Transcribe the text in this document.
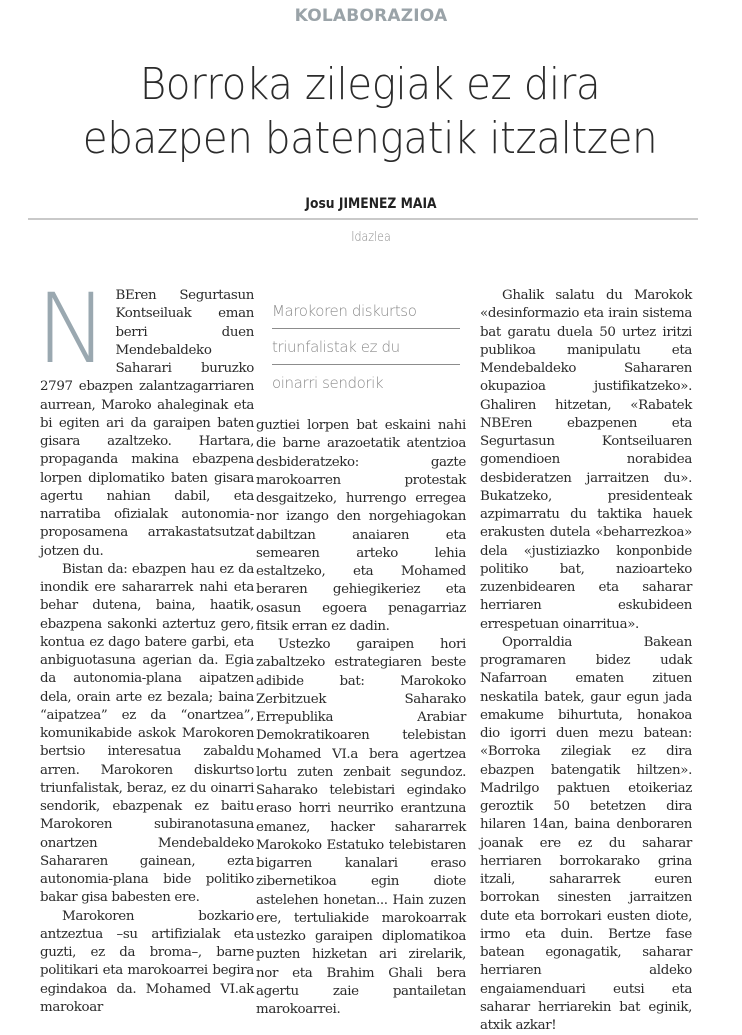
KOLABORAZIOA
Borroka zilegiak ez dira
ebazpen batengatik itzaltzen
Josu JIMENEZ MAIA
Idazlea
N BEren Segurtasun Kontseiluak eman berri duen Mendebaldeko Saharari buruzko 2797 ebazpen zalantzagarriaren aurrean, Maroko ahaleginak eta bi egiten ari da garaipen baten gisara azaltzeko. Hartara, propaganda makina ebazpena lorpen diplomatiko baten gisara agertu nahian dabil, eta narratiba ofizialak autonomia-proposamena arrakastatsutzat jotzen du.

Bistan da: ebazpen hau ez da inondik ere sahararrek nahi eta behar dutena, baina, haatik, ebazpena sakonki aztertuz gero, kontua ez dago batere garbi, eta anbiguotasuna agerian da. Egia da autonomia-plana aipatzen dela, orain arte ez bezala; baina “aipatzea” ez da “onartzea”, komunikabide askok Marokoren bertsio interesatua zabaldu arren. Marokoren diskurtso triunfalistak, beraz, ez du oinarri sendorik, ebazpenak ez baitu Marokoren subiranotasuna onartzen Mendebaldeko Sahararen gainean, ezta autonomia-plana bide politiko bakar gisa babesten ere.

Marokoren bozkario antzeztua –su artifizialak eta guzti, ez da broma–, barne politikari eta marokoarrei begira egindakoa da. Mohamed VI.ak marokoar

Marokoren diskurtso
triunfalistak ez du
oinarri sendorik

guztiei lorpen bat eskaini nahi die barne arazoetatik atentzioa desbideratzeko: gazte marokoarren protestak desgaitzeko, hurrengo erregea nor izango den norgehiagokan dabiltzan anaiaren eta semearen arteko lehia estaltzeko, eta Mohamed beraren gehiegikeriez eta osasun egoera penagarriaz fitsik erran ez dadin.

Ustezko garaipen hori zabaltzeko estrategiaren beste adibide bat: Marokoko Zerbitzuek Saharako Errepublika Arabiar Demokratikoaren telebistan Mohamed VI.a bera agertzea lortu zuten zenbait segundoz. Saharako telebistari egindako eraso horri neurriko erantzuna emanez, hacker sahararrek Marokoko Estatuko telebistaren bigarren kanalari eraso zibernetikoa egin diote astelehen honetan... Hain zuzen ere, tertuliakide marokoarrak ustezko garaipen diplomatikoa puzten hizketan ari zirelarik, nor eta Brahim Ghali bera agertu zaie pantailetan marokoarrei.

Ghalik salatu du Marokok «desinformazio eta irain sistema bat garatu duela 50 urtez iritzi publikoa manipulatu eta Mendebaldeko Sahararen okupazioa justifikatzeko». Ghaliren hitzetan, «Rabatek NBEren ebazpenen eta Segurtasun Kontseiluaren gomendioen norabidea desbideratzen jarraitzen du». Bukatzeko, presidenteak azpimarratu du taktika hauek erakusten dutela «beharrezkoa» dela «justiziazko konponbide politiko bat, nazioarteko zuzenbidearen eta saharar herriaren eskubideen errespetuan oinarritua».

Oporraldia Bakean programaren bidez udak Nafarroan ematen zituen neskatila batek, gaur egun jada emakume bihurtuta, honakoa dio igorri duen mezu batean: «Borroka zilegiak ez dira ebazpen batengatik hiltzen». Madrilgo paktuen etoikeriaz geroztik 50 betetzen dira hilaren 14an, baina denboraren joanak ere ez du saharar herriaren borrokarako grina itzali, sahararrek euren borrokan sinesten jarraitzen dute eta borrokari eusten diote, irmo eta duin. Bertze fase batean egonagatik, saharar herriaren aldeko engaiamenduari eutsi eta saharar herriarekin bat eginik, atxik azkar!
